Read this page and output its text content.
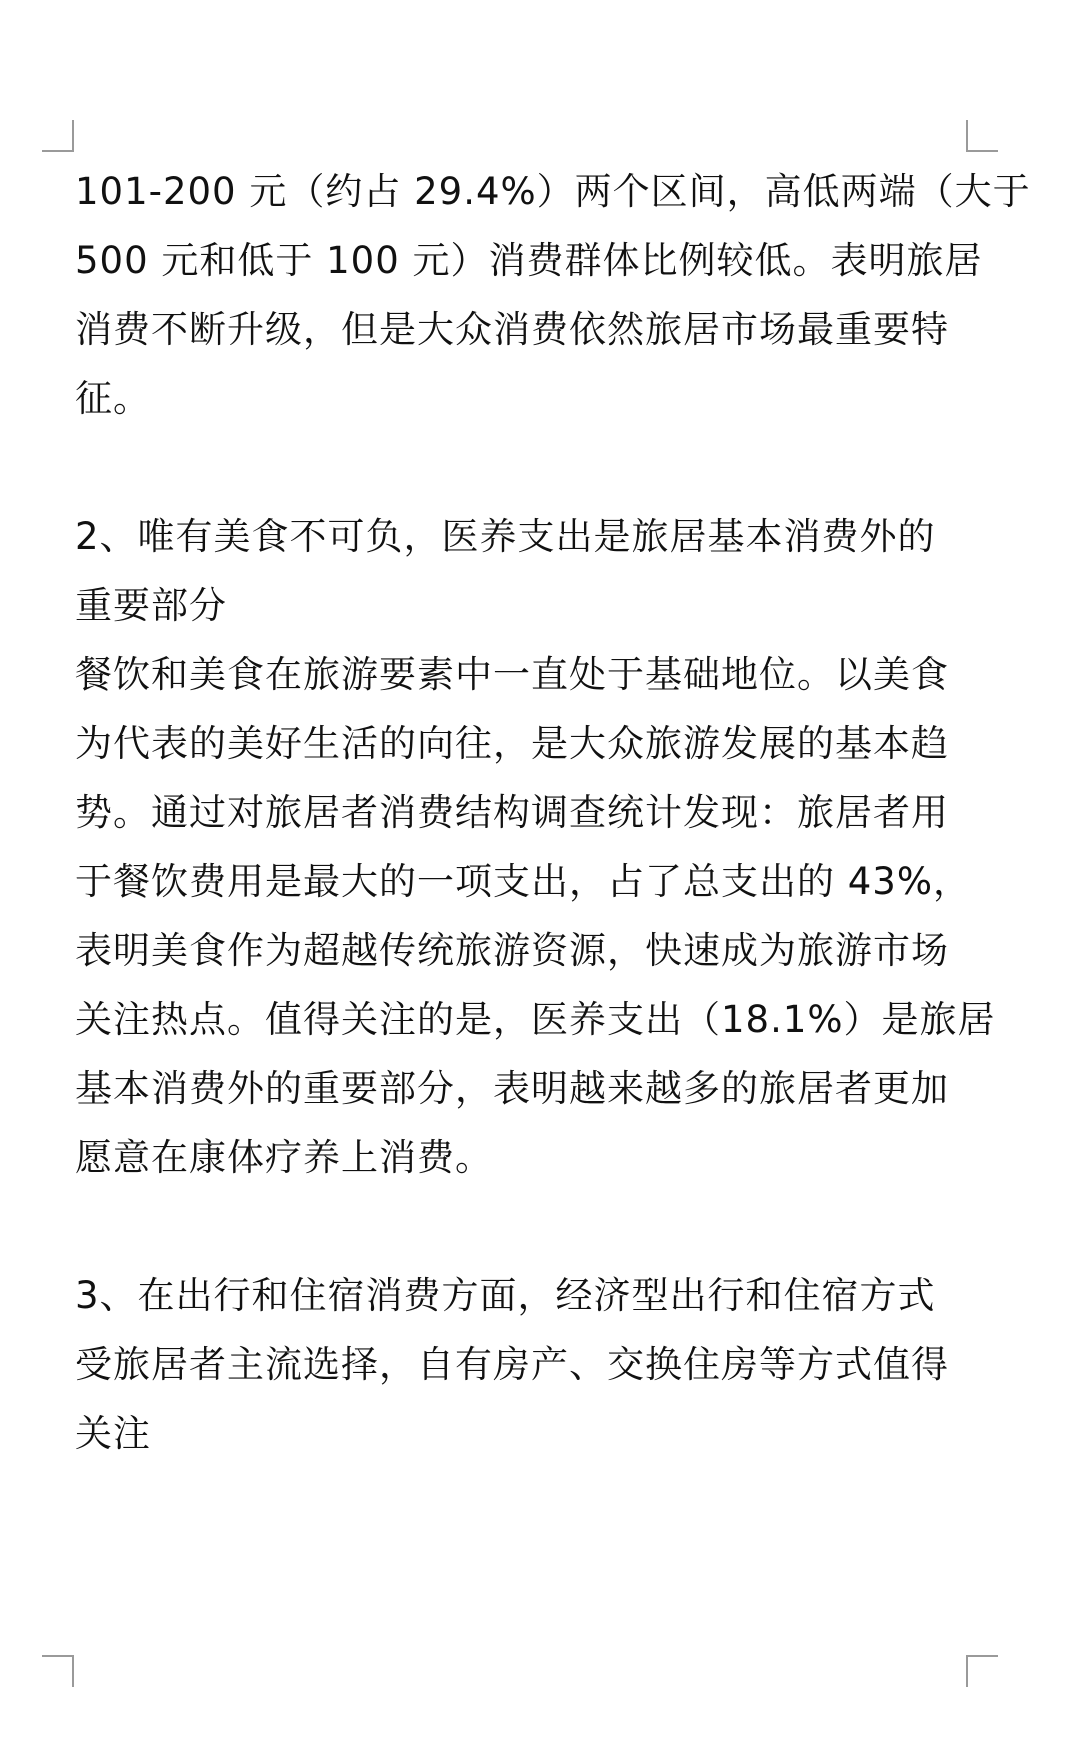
101-200 元（约占 29.4%）两个区间，高低两端（大于
500 元和低于 100 元）消费群体比例较低。表明旅居
消费不断升级，但是大众消费依然旅居市场最重要特
征。
2、唯有美食不可负，医养支出是旅居基本消费外的
重要部分
餐饮和美食在旅游要素中一直处于基础地位。以美食
为代表的美好生活的向往，是大众旅游发展的基本趋
势。通过对旅居者消费结构调查统计发现：旅居者用
于餐饮费用是最大的一项支出，占了总支出的 43%，
表明美食作为超越传统旅游资源，快速成为旅游市场
关注热点。值得关注的是，医养支出（18.1%）是旅居
基本消费外的重要部分，表明越来越多的旅居者更加
愿意在康体疗养上消费。
3、在出行和住宿消费方面，经济型出行和住宿方式
受旅居者主流选择，自有房产、交换住房等方式值得
关注
